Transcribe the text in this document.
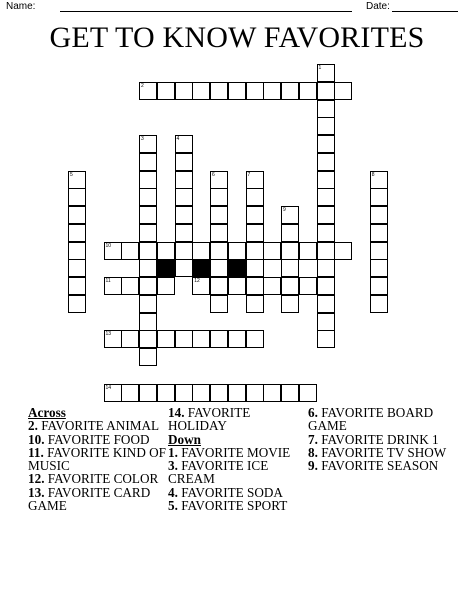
Name:	Date:
GET TO KNOW FAVORITES
1
2
3	4
5	6	7	8
9
10
11	12
13
14
Across
2. FAVORITE ANIMAL
10. FAVORITE FOOD
11. FAVORITE KIND OF MUSIC
12. FAVORITE COLOR
13. FAVORITE CARD GAME
14. FAVORITE HOLIDAY
Down
1. FAVORITE MOVIE
3. FAVORITE ICE CREAM
4. FAVORITE SODA
5. FAVORITE SPORT
6. FAVORITE BOARD GAME
7. FAVORITE DRINK 1
8. FAVORITE TV SHOW
9. FAVORITE SEASON
